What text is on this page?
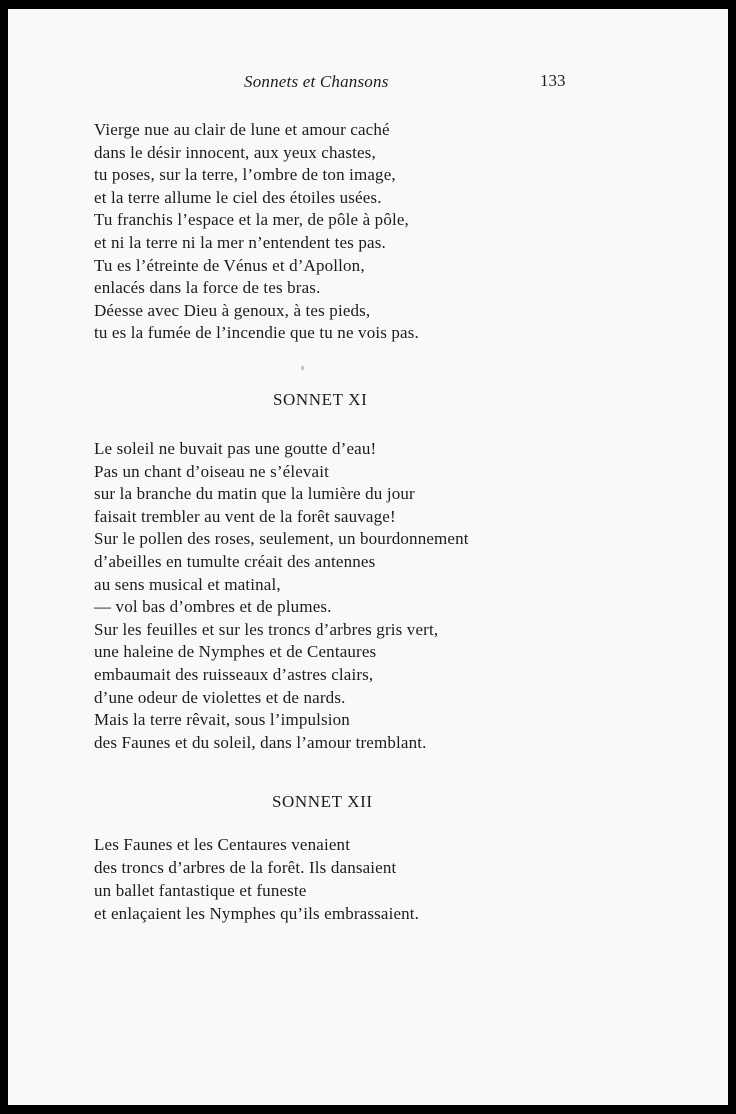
Sonnets et Chansons	133
Vierge nue au clair de lune et amour caché
dans le désir innocent, aux yeux chastes,
tu poses, sur la terre, l’ombre de ton image,
et la terre allume le ciel des étoiles usées.
Tu franchis l’espace et la mer, de pôle à pôle,
et ni la terre ni la mer n’entendent tes pas.
Tu es l’étreinte de Vénus et d’Apollon,
enlacés dans la force de tes bras.
Déesse avec Dieu à genoux, à tes pieds,
tu es la fumée de l’incendie que tu ne vois pas.
SONNET XI
Le soleil ne buvait pas une goutte d’eau!
Pas un chant d’oiseau ne s’élevait
sur la branche du matin que la lumière du jour
faisait trembler au vent de la forêt sauvage!
Sur le pollen des roses, seulement, un bourdonnement
d’abeilles en tumulte créait des antennes
au sens musical et matinal,
— vol bas d’ombres et de plumes.
Sur les feuilles et sur les troncs d’arbres gris vert,
une haleine de Nymphes et de Centaures
embaumait des ruisseaux d’astres clairs,
d’une odeur de violettes et de nards.
Mais la terre rêvait, sous l’impulsion
des Faunes et du soleil, dans l’amour tremblant.
SONNET XII
Les Faunes et les Centaures venaient
des troncs d’arbres de la forêt. Ils dansaient
un ballet fantastique et funeste
et enlaçaient les Nymphes qu’ils embrassaient.
